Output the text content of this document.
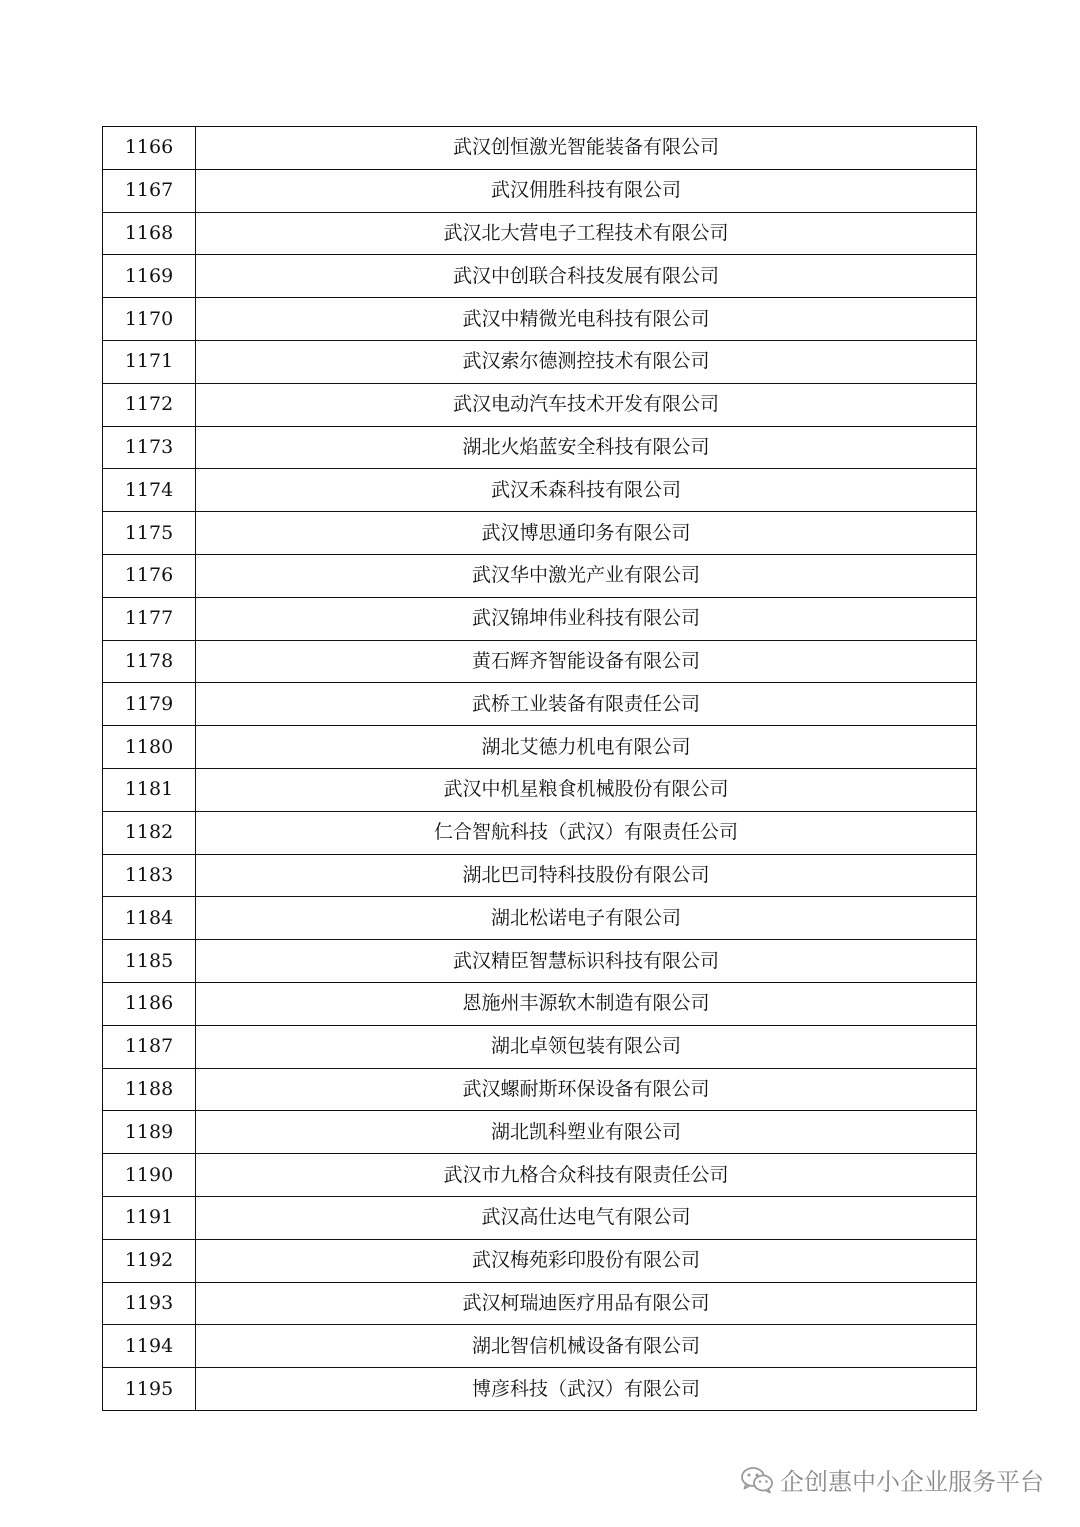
1166	武汉创恒激光智能装备有限公司
1167	武汉佣胜科技有限公司
1168	武汉北大营电子工程技术有限公司
1169	武汉中创联合科技发展有限公司
1170	武汉中精微光电科技有限公司
1171	武汉索尔德测控技术有限公司
1172	武汉电动汽车技术开发有限公司
1173	湖北火焰蓝安全科技有限公司
1174	武汉禾森科技有限公司
1175	武汉博思通印务有限公司
1176	武汉华中激光产业有限公司
1177	武汉锦坤伟业科技有限公司
1178	黄石辉齐智能设备有限公司
1179	武桥工业装备有限责任公司
1180	湖北艾德力机电有限公司
1181	武汉中机星粮食机械股份有限公司
1182	仁合智航科技（武汉）有限责任公司
1183	湖北巴司特科技股份有限公司
1184	湖北松诺电子有限公司
1185	武汉精臣智慧标识科技有限公司
1186	恩施州丰源软木制造有限公司
1187	湖北卓领包装有限公司
1188	武汉螺耐斯环保设备有限公司
1189	湖北凯科塑业有限公司
1190	武汉市九格合众科技有限责任公司
1191	武汉高仕达电气有限公司
1192	武汉梅苑彩印股份有限公司
1193	武汉柯瑞迪医疗用品有限公司
1194	湖北智信机械设备有限公司
1195	博彦科技（武汉）有限公司
企创惠中小企业服务平台
